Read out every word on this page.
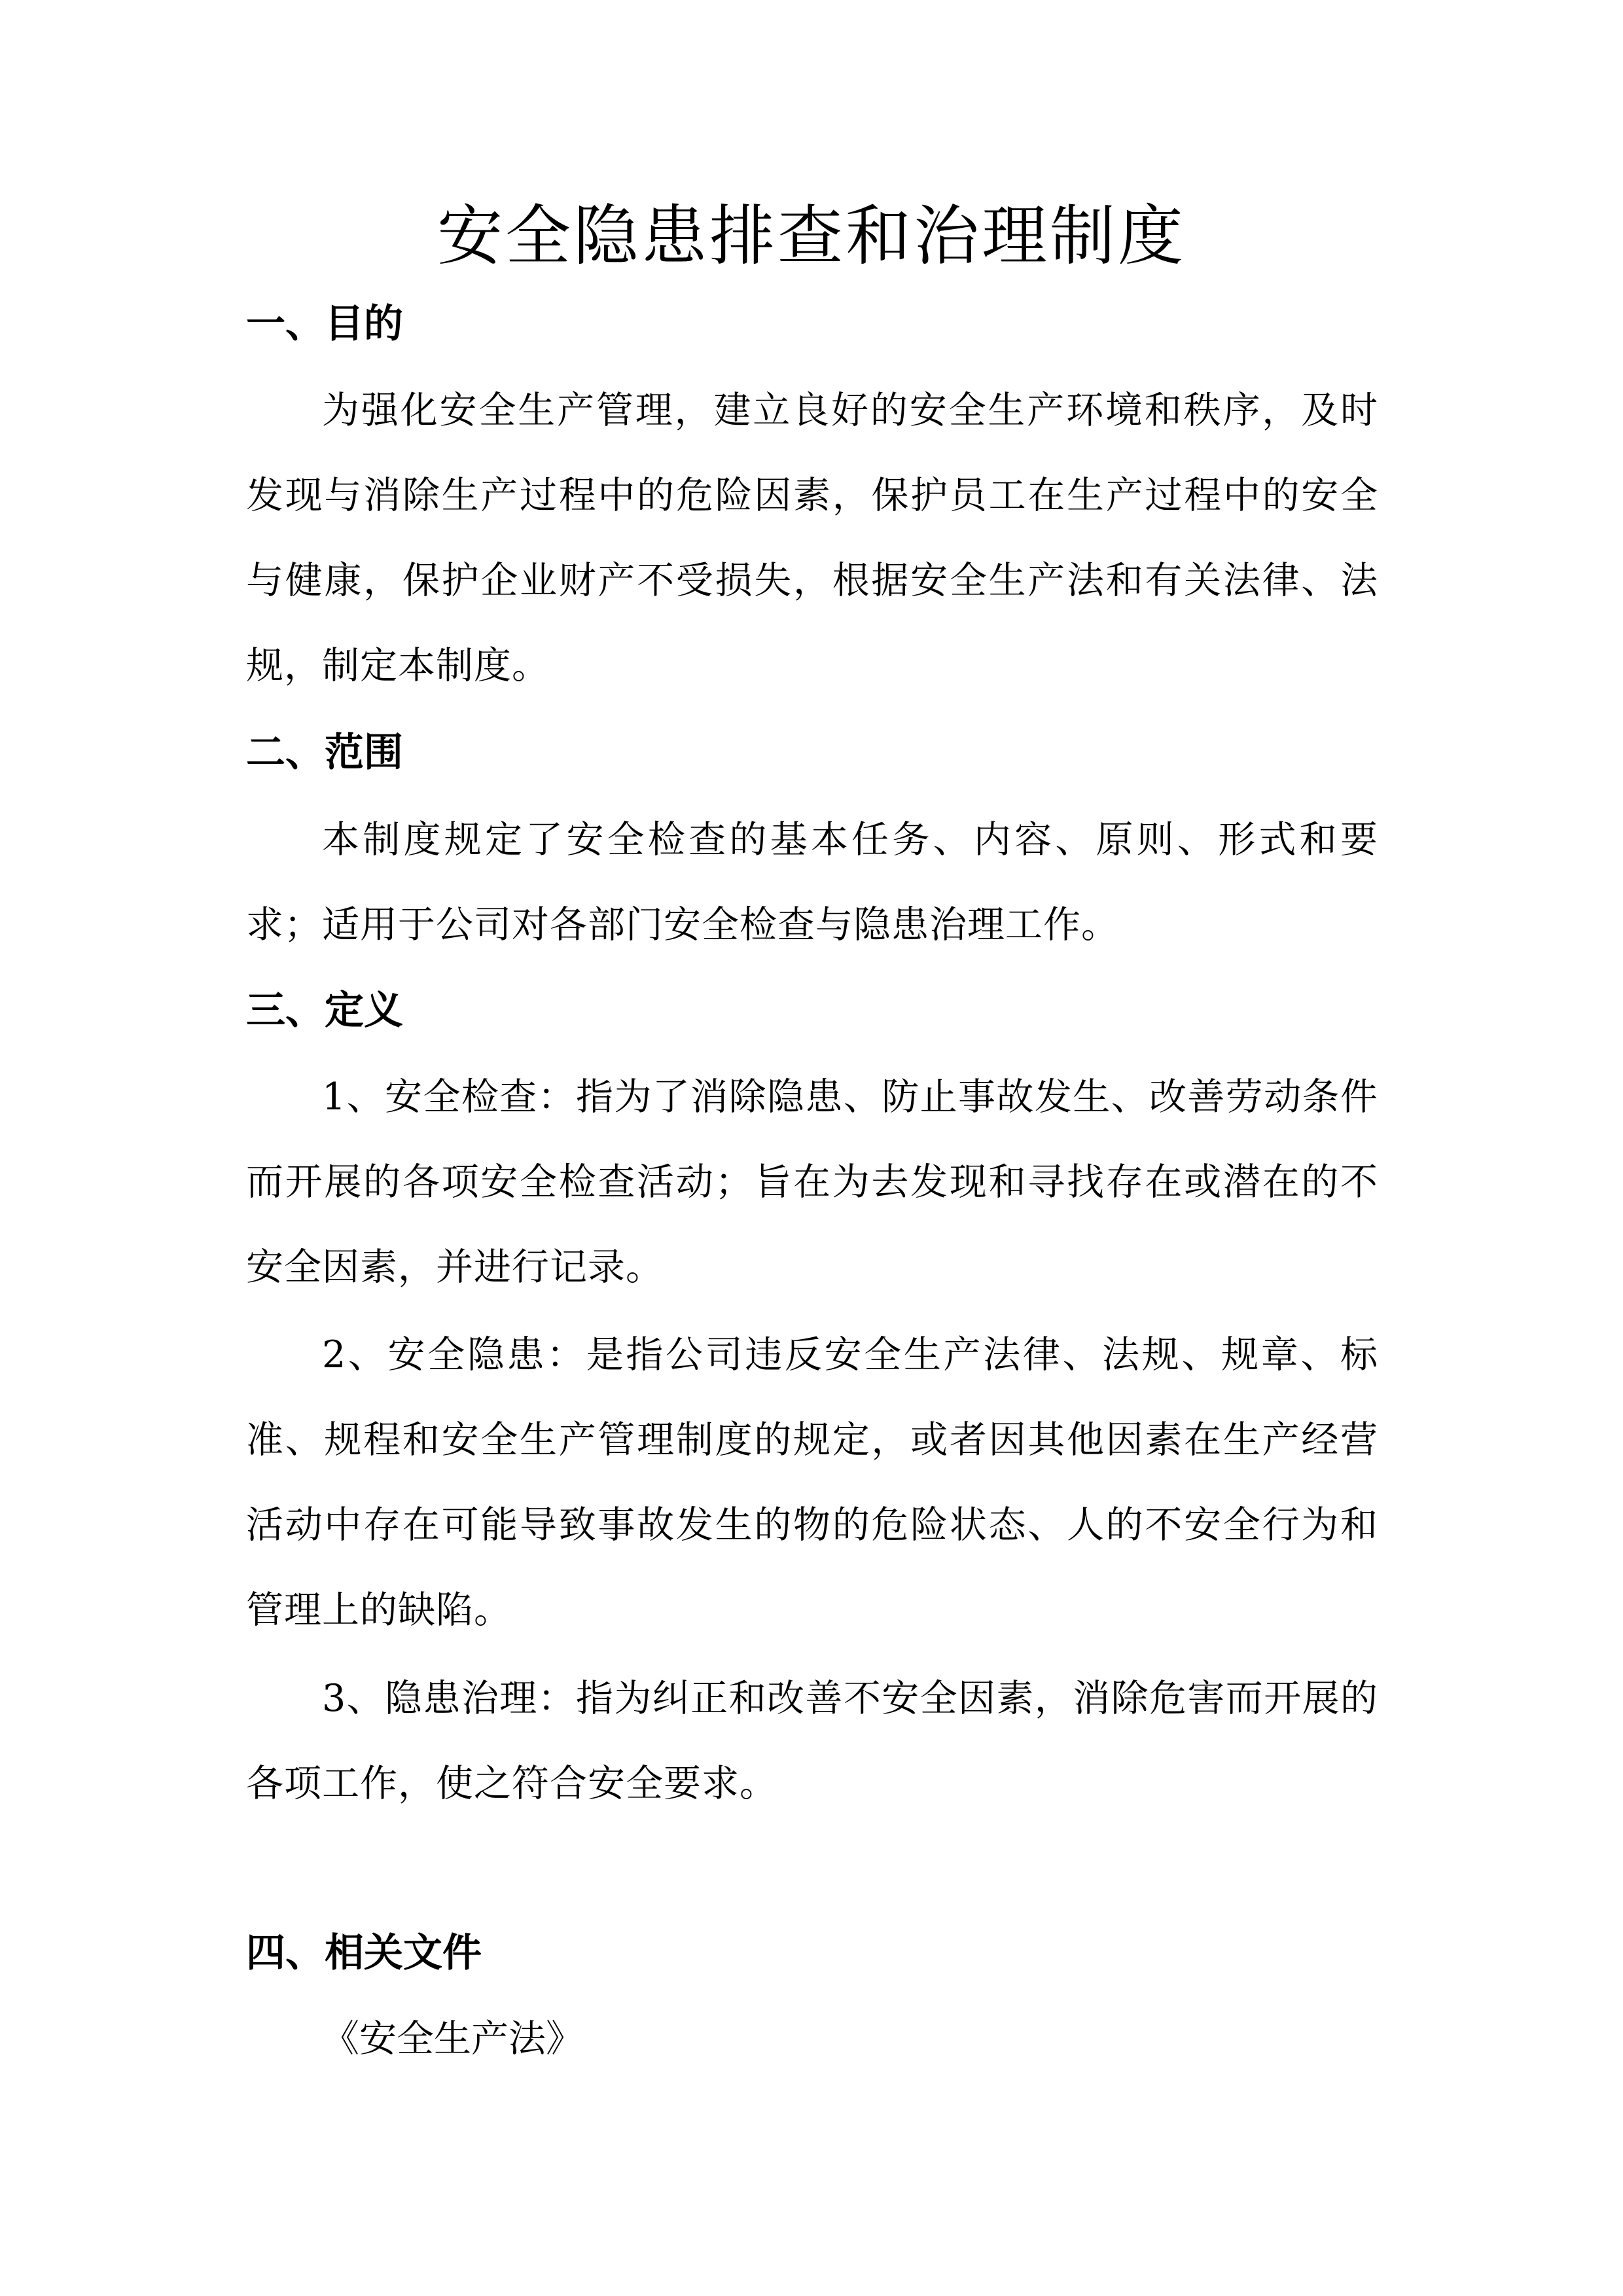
安全隐患排查和治理制度
一、目的

为强化安全生产管理，建立良好的安全生产环境和秩序，及时发现与消除生产过程中的危险因素，保护员工在生产过程中的安全与健康，保护企业财产不受损失，根据安全生产法和有关法律、法规，制定本制度。

二、范围

本制度规定了安全检查的基本任务、内容、原则、形式和要求；适用于公司对各部门安全检查与隐患治理工作。

三、定义

1、安全检查：指为了消除隐患、防止事故发生、改善劳动条件而开展的各项安全检查活动；旨在为去发现和寻找存在或潜在的不安全因素，并进行记录。

2、安全隐患：是指公司违反安全生产法律、法规、规章、标准、规程和安全生产管理制度的规定，或者因其他因素在生产经营活动中存在可能导致事故发生的物的危险状态、人的不安全行为和管理上的缺陷。

3、隐患治理：指为纠正和改善不安全因素，消除危害而开展的各项工作，使之符合安全要求。

四、相关文件

《安全生产法》
